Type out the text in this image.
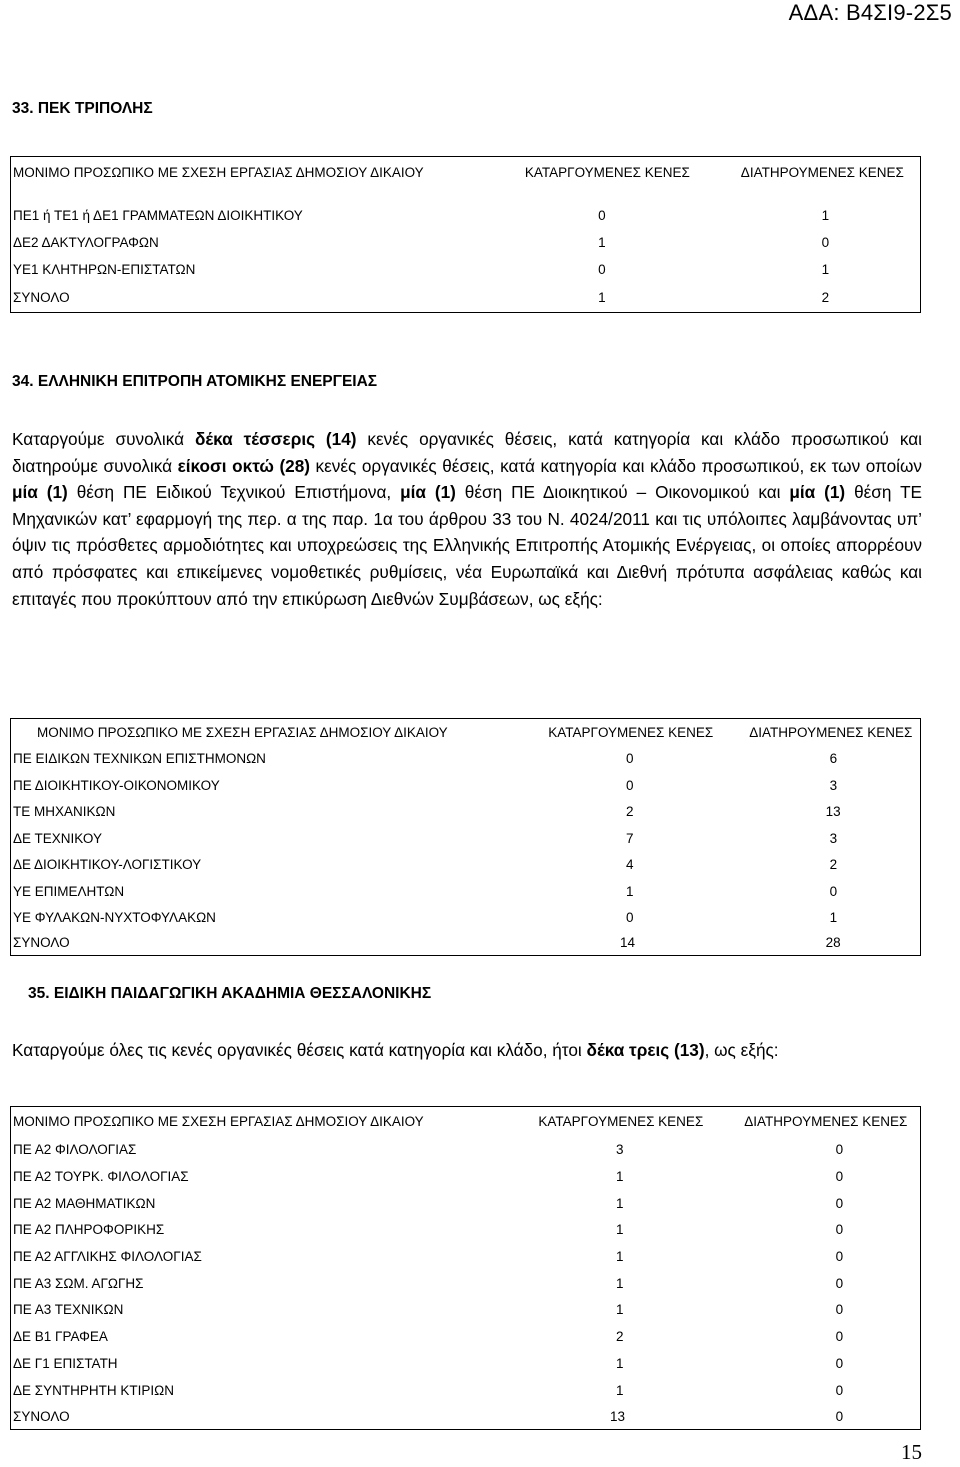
ΑΔΑ: Β4ΣΙ9-2Σ5
33. ΠΕΚ ΤΡΙΠΟΛΗΣ
ΜΟΝΙΜΟ ΠΡΟΣΩΠΙΚΟ ΜΕ ΣΧΕΣΗ ΕΡΓΑΣΙΑΣ ΔΗΜΟΣΙΟΥ ΔΙΚΑΙΟΥ	ΚΑΤΑΡΓΟΥΜΕΝΕΣ ΚΕΝΕΣ	ΔΙΑΤΗΡΟΥΜΕΝΕΣ ΚΕΝΕΣ

ΠΕ1 ή ΤΕ1 ή ΔΕ1 ΓΡΑΜΜΑΤΕΩΝ ΔΙΟΙΚΗΤΙΚΟΥ	0	1
ΔΕ2 ΔΑΚΤΥΛΟΓΡΑΦΩΝ	1	0
ΥΕ1 ΚΛΗΤΗΡΩΝ-ΕΠΙΣΤΑΤΩΝ	0	1
ΣΥΝΟΛΟ	1	2
34. ΕΛΛΗΝΙΚΗ ΕΠΙΤΡΟΠΗ ΑΤΟΜΙΚΗΣ ΕΝΕΡΓΕΙΑΣ
Καταργούμε συνολικά δέκα τέσσερις (14) κενές οργανικές θέσεις, κατά κατηγορία και κλάδο προσωπικού και διατηρούμε συνολικά είκοσι οκτώ (28) κενές οργανικές θέσεις, κατά κατηγορία και κλάδο προσωπικού, εκ των οποίων μία (1) θέση ΠΕ Ειδικού Τεχνικού Επιστήμονα, μία (1) θέση ΠΕ Διοικητικού – Οικονομικού και μία (1) θέση ΤΕ Μηχανικών κατ’ εφαρμογή της περ. α της παρ. 1α του άρθρου 33 του Ν. 4024/2011 και τις υπόλοιπες λαμβάνοντας υπ’ όψιν τις πρόσθετες αρμοδιότητες και υποχρεώσεις της Ελληνικής Επιτροπής Ατομικής Ενέργειας, οι οποίες απορρέουν από πρόσφατες και επικείμενες νομοθετικές ρυθμίσεις, νέα Ευρωπαϊκά και Διεθνή πρότυπα ασφάλειας καθώς και επιταγές που προκύπτουν από την επικύρωση Διεθνών Συμβάσεων, ως εξής:
ΜΟΝΙΜΟ ΠΡΟΣΩΠΙΚΟ ΜΕ ΣΧΕΣΗ ΕΡΓΑΣΙΑΣ ΔΗΜΟΣΙΟΥ ΔΙΚΑΙΟΥ	ΚΑΤΑΡΓΟΥΜΕΝΕΣ ΚΕΝΕΣ	ΔΙΑΤΗΡΟΥΜΕΝΕΣ ΚΕΝΕΣ
ΠΕ ΕΙΔΙΚΩΝ ΤΕΧΝΙΚΩΝ ΕΠΙΣΤΗΜΟΝΩΝ	0	6
ΠΕ ΔΙΟΙΚΗΤΙΚΟΥ-ΟΙΚΟΝΟΜΙΚΟΥ	0	3
ΤΕ ΜΗΧΑΝΙΚΩΝ	2	13
ΔΕ ΤΕΧΝΙΚΟΥ	7	3
ΔΕ ΔΙΟΙΚΗΤΙΚΟΥ-ΛΟΓΙΣΤΙΚΟΥ	4	2
ΥΕ ΕΠΙΜΕΛΗΤΩΝ	1	0
ΥΕ ΦΥΛΑΚΩΝ-ΝΥΧΤΟΦΥΛΑΚΩΝ	0	1
ΣΥΝΟΛΟ	14	28
35. ΕΙΔΙΚΗ ΠΑΙΔΑΓΩΓΙΚΗ ΑΚΑΔΗΜΙΑ ΘΕΣΣΑΛΟΝΙΚΗΣ
Καταργούμε όλες τις κενές οργανικές θέσεις κατά κατηγορία και κλάδο, ήτοι δέκα τρεις (13), ως εξής:
ΜΟΝΙΜΟ ΠΡΟΣΩΠΙΚΟ ΜΕ ΣΧΕΣΗ ΕΡΓΑΣΙΑΣ ΔΗΜΟΣΙΟΥ ΔΙΚΑΙΟΥ	ΚΑΤΑΡΓΟΥΜΕΝΕΣ ΚΕΝΕΣ	ΔΙΑΤΗΡΟΥΜΕΝΕΣ ΚΕΝΕΣ
ΠΕ Α2 ΦΙΛΟΛΟΓΙΑΣ	3	0
ΠΕ Α2 ΤΟΥΡΚ. ΦΙΛΟΛΟΓΙΑΣ	1	0
ΠΕ Α2 ΜΑΘΗΜΑΤΙΚΩΝ	1	0
ΠΕ Α2 ΠΛΗΡΟΦΟΡΙΚΗΣ	1	0
ΠΕ Α2 ΑΓΓΛΙΚΗΣ ΦΙΛΟΛΟΓΙΑΣ	1	0
ΠΕ Α3 ΣΩΜ. ΑΓΩΓΗΣ	1	0
ΠΕ Α3 ΤΕΧΝΙΚΩΝ	1	0
ΔΕ Β1 ΓΡΑΦΕΑ	2	0
ΔΕ Γ1 ΕΠΙΣΤΑΤΗ	1	0
ΔΕ ΣΥΝΤΗΡΗΤΗ ΚΤΙΡΙΩΝ	1	0
ΣΥΝΟΛΟ	13	0
15
